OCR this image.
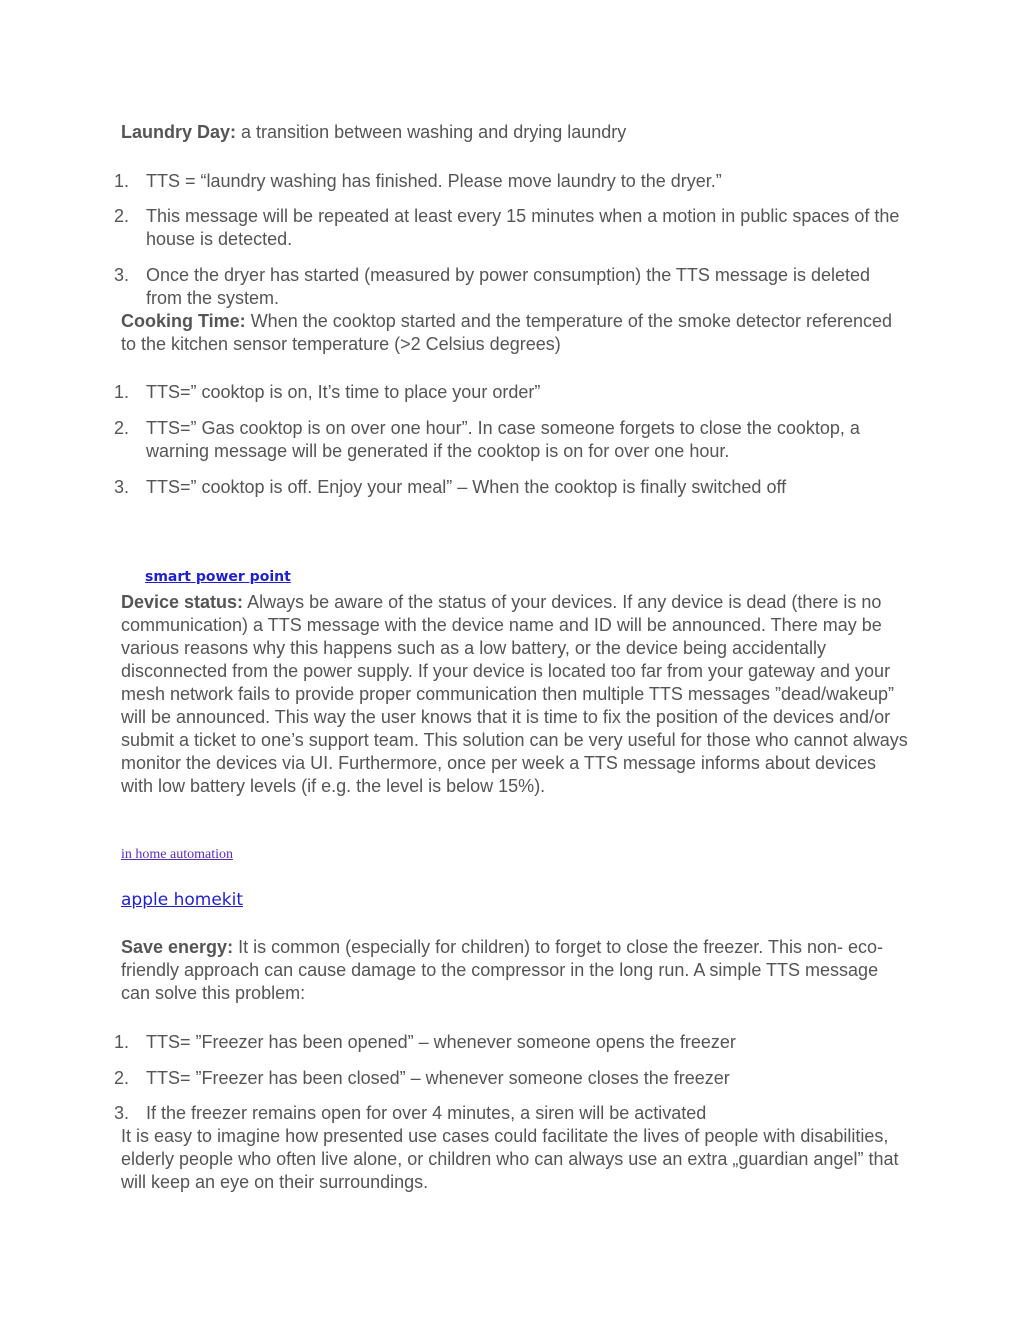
Laundry Day: a transition between washing and drying laundry

1. TTS = “laundry washing has finished. Please move laundry to the dryer.”
2. This message will be repeated at least every 15 minutes when a motion in public spaces of the house is detected.
3. Once the dryer has started (measured by power consumption) the TTS message is deleted from the system.

Cooking Time: When the cooktop started and the temperature of the smoke detector referenced to the kitchen sensor temperature (>2 Celsius degrees)

1. TTS=” cooktop is on, It’s time to place your order”
2. TTS=” Gas cooktop is on over one hour”. In case someone forgets to close the cooktop, a warning message will be generated if the cooktop is on for over one hour.
3. TTS=” cooktop is off. Enjoy your meal” – When the cooktop is finally switched off
smart power point

Device status: Always be aware of the status of your devices. If any device is dead (there is no communication) a TTS message with the device name and ID will be announced. There may be various reasons why this happens such as a low battery, or the device being accidentally disconnected from the power supply. If your device is located too far from your gateway and your mesh network fails to provide proper communication then multiple TTS messages ”dead/wakeup” will be announced. This way the user knows that it is time to fix the position of the devices and/or submit a ticket to one’s support team. This solution can be very useful for those who cannot always monitor the devices via UI. Furthermore, once per week a TTS message informs about devices with low battery levels (if e.g. the level is below 15%).

in home automation
apple homekit

Save energy: It is common (especially for children) to forget to close the freezer. This non- eco-friendly approach can cause damage to the compressor in the long run. A simple TTS message can solve this problem:

1. TTS= ”Freezer has been opened” – whenever someone opens the freezer
2. TTS= ”Freezer has been closed” – whenever someone closes the freezer
3. If the freezer remains open for over 4 minutes, a siren will be activated

It is easy to imagine how presented use cases could facilitate the lives of people with disabilities, elderly people who often live alone, or children who can always use an extra „guardian angel” that will keep an eye on their surroundings.
